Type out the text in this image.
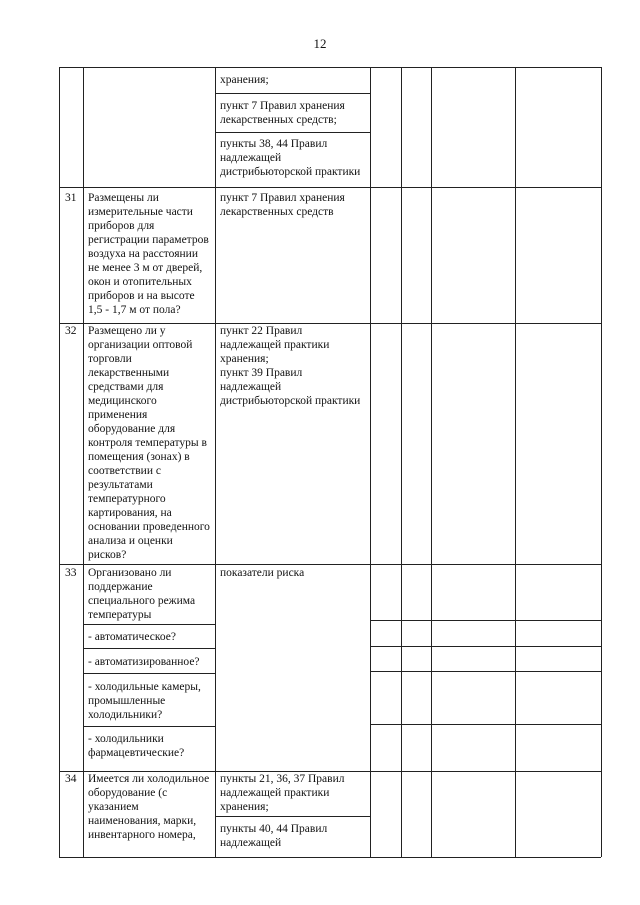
12
хранения;
пункт 7 Правил хранения
лекарственных средств;
пункты 38, 44 Правил
надлежащей
дистрибьюторской практики
31 Размещены ли
измерительные части
приборов для
регистрации параметров
воздуха на расстоянии
не менее 3 м от дверей,
окон и отопительных
приборов и на высоте
1,5 - 1,7 м от пола?
пункт 7 Правил хранения
лекарственных средств
32 Размещено ли у
организации оптовой
торговли
лекарственными
средствами для
медицинского
применения
оборудование для
контроля температуры в
помещения (зонах) в
соответствии с
результатами
температурного
картирования, на
основании проведенного
анализа и оценки
рисков?
пункт 22 Правил
надлежащей практики
хранения;
пункт 39 Правил
надлежащей
дистрибьюторской практики
33 Организовано ли
поддержание
специального режима
температуры
показатели риска
- автоматическое?
- автоматизированное?
- холодильные камеры,
промышленные
холодильники?
- холодильники
фармацевтические?
34 Имеется ли холодильное
оборудование (с
указанием
наименования, марки,
инвентарного номера,
пункты 21, 36, 37 Правил
надлежащей практики
хранения;
пункты 40, 44 Правил
надлежащей
